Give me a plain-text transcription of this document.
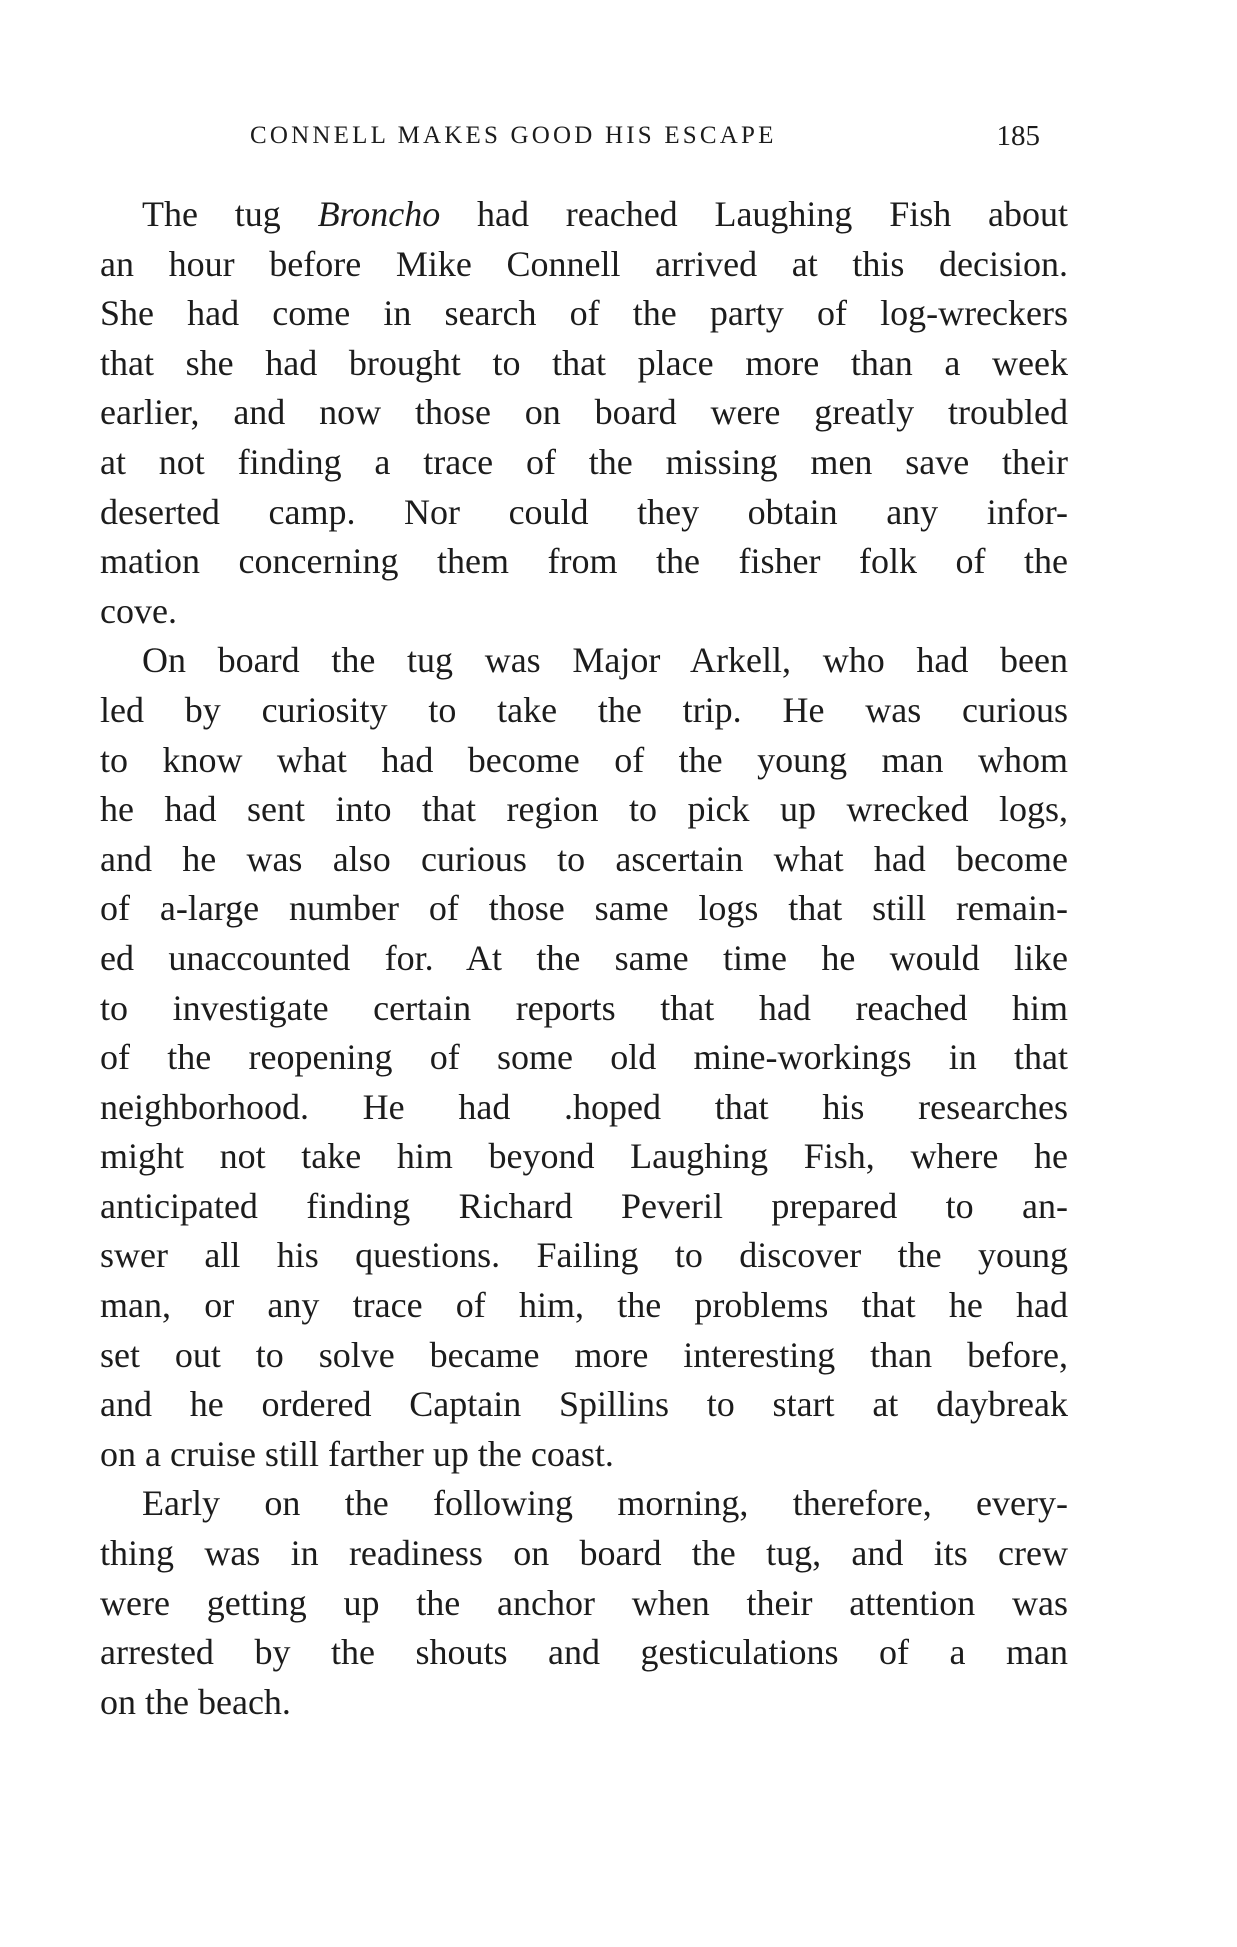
CONNELL MAKES GOOD HIS ESCAPE	185
The tug Broncho had reached Laughing Fish about
an hour before Mike Connell arrived at this decision.
She had come in search of the party of log-wreckers
that she had brought to that place more than a week
earlier, and now those on board were greatly troubled
at not finding a trace of the missing men save their
deserted camp. Nor could they obtain any infor-
mation concerning them from the fisher folk of the
cove.
On board the tug was Major Arkell, who had been
led by curiosity to take the trip. He was curious
to know what had become of the young man whom
he had sent into that region to pick up wrecked logs,
and he was also curious to ascertain what had become
of a-large number of those same logs that still remain-
ed unaccounted for. At the same time he would like
to investigate certain reports that had reached him
of the reopening of some old mine-workings in that
neighborhood. He had .hoped that his researches
might not take him beyond Laughing Fish, where he
anticipated finding Richard Peveril prepared to an-
swer all his questions. Failing to discover the young
man, or any trace of him, the problems that he had
set out to solve became more interesting than before,
and he ordered Captain Spillins to start at daybreak
on a cruise still farther up the coast.
Early on the following morning, therefore, every-
thing was in readiness on board the tug, and its crew
were getting up the anchor when their attention was
arrested by the shouts and gesticulations of a man
on the beach.
